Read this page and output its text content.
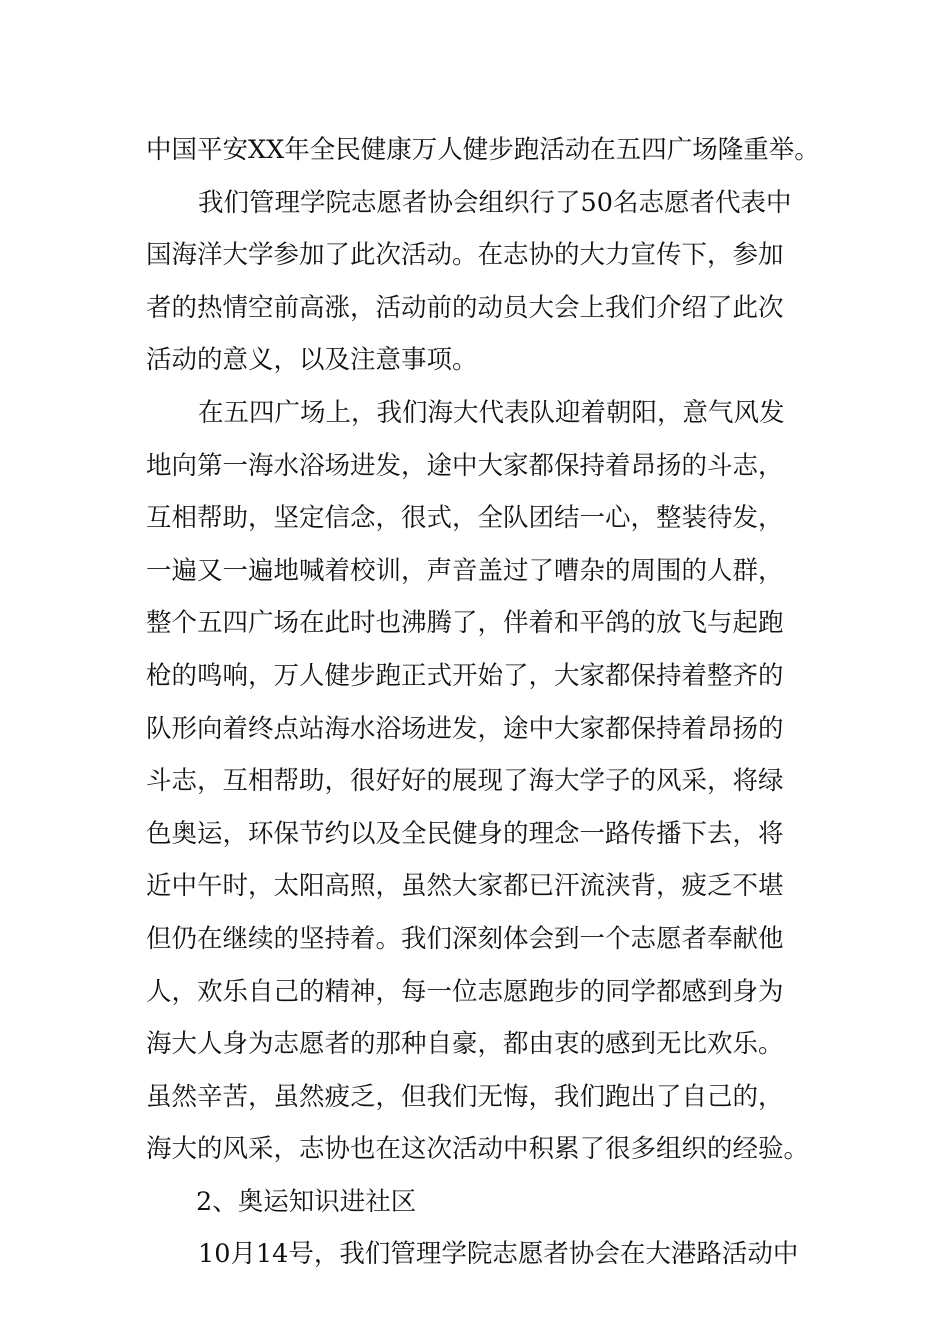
中国平安XX年全民健康万人健步跑活动在五四广场隆重举。
我们管理学院志愿者协会组织行了50名志愿者代表中
国海洋大学参加了此次活动。在志协的大力宣传下，参加
者的热情空前高涨，活动前的动员大会上我们介绍了此次
活动的意义，以及注意事项。
在五四广场上，我们海大代表队迎着朝阳，意气风发
地向第一海水浴场进发，途中大家都保持着昂扬的斗志，
互相帮助，坚定信念，很式，全队团结一心，整装待发，
一遍又一遍地喊着校训，声音盖过了嘈杂的周围的人群，
整个五四广场在此时也沸腾了，伴着和平鸽的放飞与起跑
枪的鸣响，万人健步跑正式开始了，大家都保持着整齐的
队形向着终点站海水浴场进发，途中大家都保持着昂扬的
斗志，互相帮助，很好好的展现了海大学子的风采，将绿
色奥运，环保节约以及全民健身的理念一路传播下去，将
近中午时，太阳高照，虽然大家都已汗流浃背，疲乏不堪
但仍在继续的坚持着。我们深刻体会到一个志愿者奉献他
人，欢乐自己的精神，每一位志愿跑步的同学都感到身为
海大人身为志愿者的那种自豪，都由衷的感到无比欢乐。
虽然辛苦，虽然疲乏，但我们无悔，我们跑出了自己的，
海大的风采，志协也在这次活动中积累了很多组织的经验。
2、奥运知识进社区
10月14号，我们管理学院志愿者协会在大港路活动中
